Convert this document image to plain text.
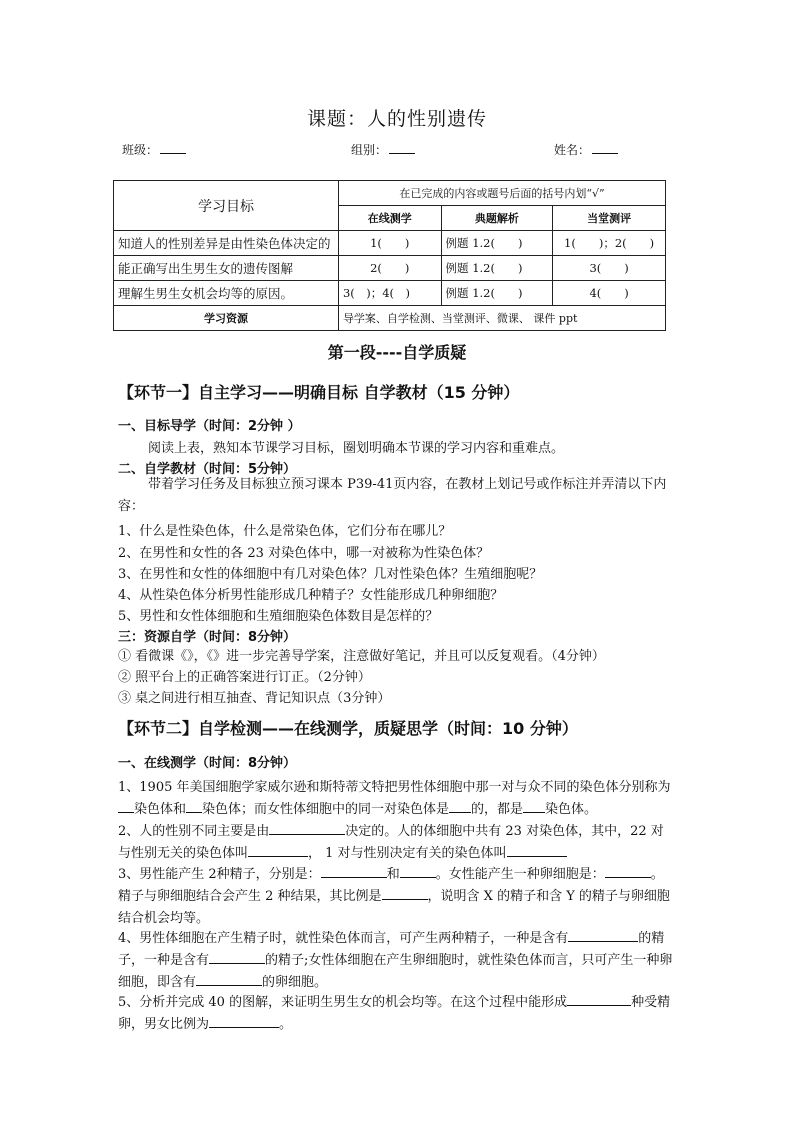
课题：人的性别遗传
班级：	组别：	姓名：
学习目标	在已完成的内容或题号后面的括号内划“√”		
	在线测学	典题解析	当堂测评
知道人的性别差异是由性染色体决定的	1(　　)	例题 1.2(　　)	1(　　)；2(　　)
能正确写出生男生女的遗传图解	2(　　)	例题 1.2(　　)	3(　　)
理解生男生女机会均等的原因。	3(　)；4(　)	例题 1.2(　　)	4(　　)
学习资源	导学案、自学检测、当堂测评、微课、 课件 ppt		
第一段----自学质疑
【环节一】自主学习——明确目标 自学教材（15 分钟）
一、目标导学（时间：2分钟 ）
阅读上表，熟知本节课学习目标，圈划明确本节课的学习内容和重难点。
二、自学教材（时间：5分钟）
带着学习任务及目标独立预习课本 P39-41页内容，在教材上划记号或作标注并弄清以下内容：
1、什么是性染色体，什么是常染色体，它们分布在哪儿？
2、在男性和女性的各 23 对染色体中，哪一对被称为性染色体？
3、在男性和女性的体细胞中有几对染色体？几对性染色体？生殖细胞呢？
4、从性染色体分析男性能形成几种精子？女性能形成几种卵细胞？
5、男性和女性体细胞和生殖细胞染色体数目是怎样的？
三：资源自学（时间：8分钟）
① 看微课《》，《》进一步完善导学案，注意做好笔记，并且可以反复观看。（4分钟）
② 照平台上的正确答案进行订正。（2分钟）
③ 桌之间进行相互抽查、背记知识点（3分钟）
【环节二】自学检测——在线测学，质疑思学（时间：10 分钟）
一、在线测学（时间：8分钟）
1、1905 年美国细胞学家威尔逊和斯特蒂文特把男性体细胞中那一对与众不同的染色体分别称为染色体和 染色体；而女性体细胞中的同一对染色体是 的，都是 染色体。
2、人的性别不同主要是由	决定的。人的体细胞中共有 23 对染色体，其中，22 对与性别无关的染色体叫	， 1 对与性别决定有关的染色体叫
3、男性能产生 2种精子，分别是：	和	。女性能产生一种卵细胞是：	。精子与卵细胞结合会产生 2 种结果，其比例是	，说明含 X 的精子和含 Y 的精子与卵细胞结合机会均等。
4、男性体细胞在产生精子时，就性染色体而言，可产生两种精子，一种是含有	的精子，一种是含有	的精子;女性体细胞在产生卵细胞时，就性染色体而言，只可产生一种卵细胞，即含有	的卵细胞。
5、分析并完成 40 的图解，来证明生男生女的机会均等。在这个过程中能形成	种受精卵，男女比例为	。
